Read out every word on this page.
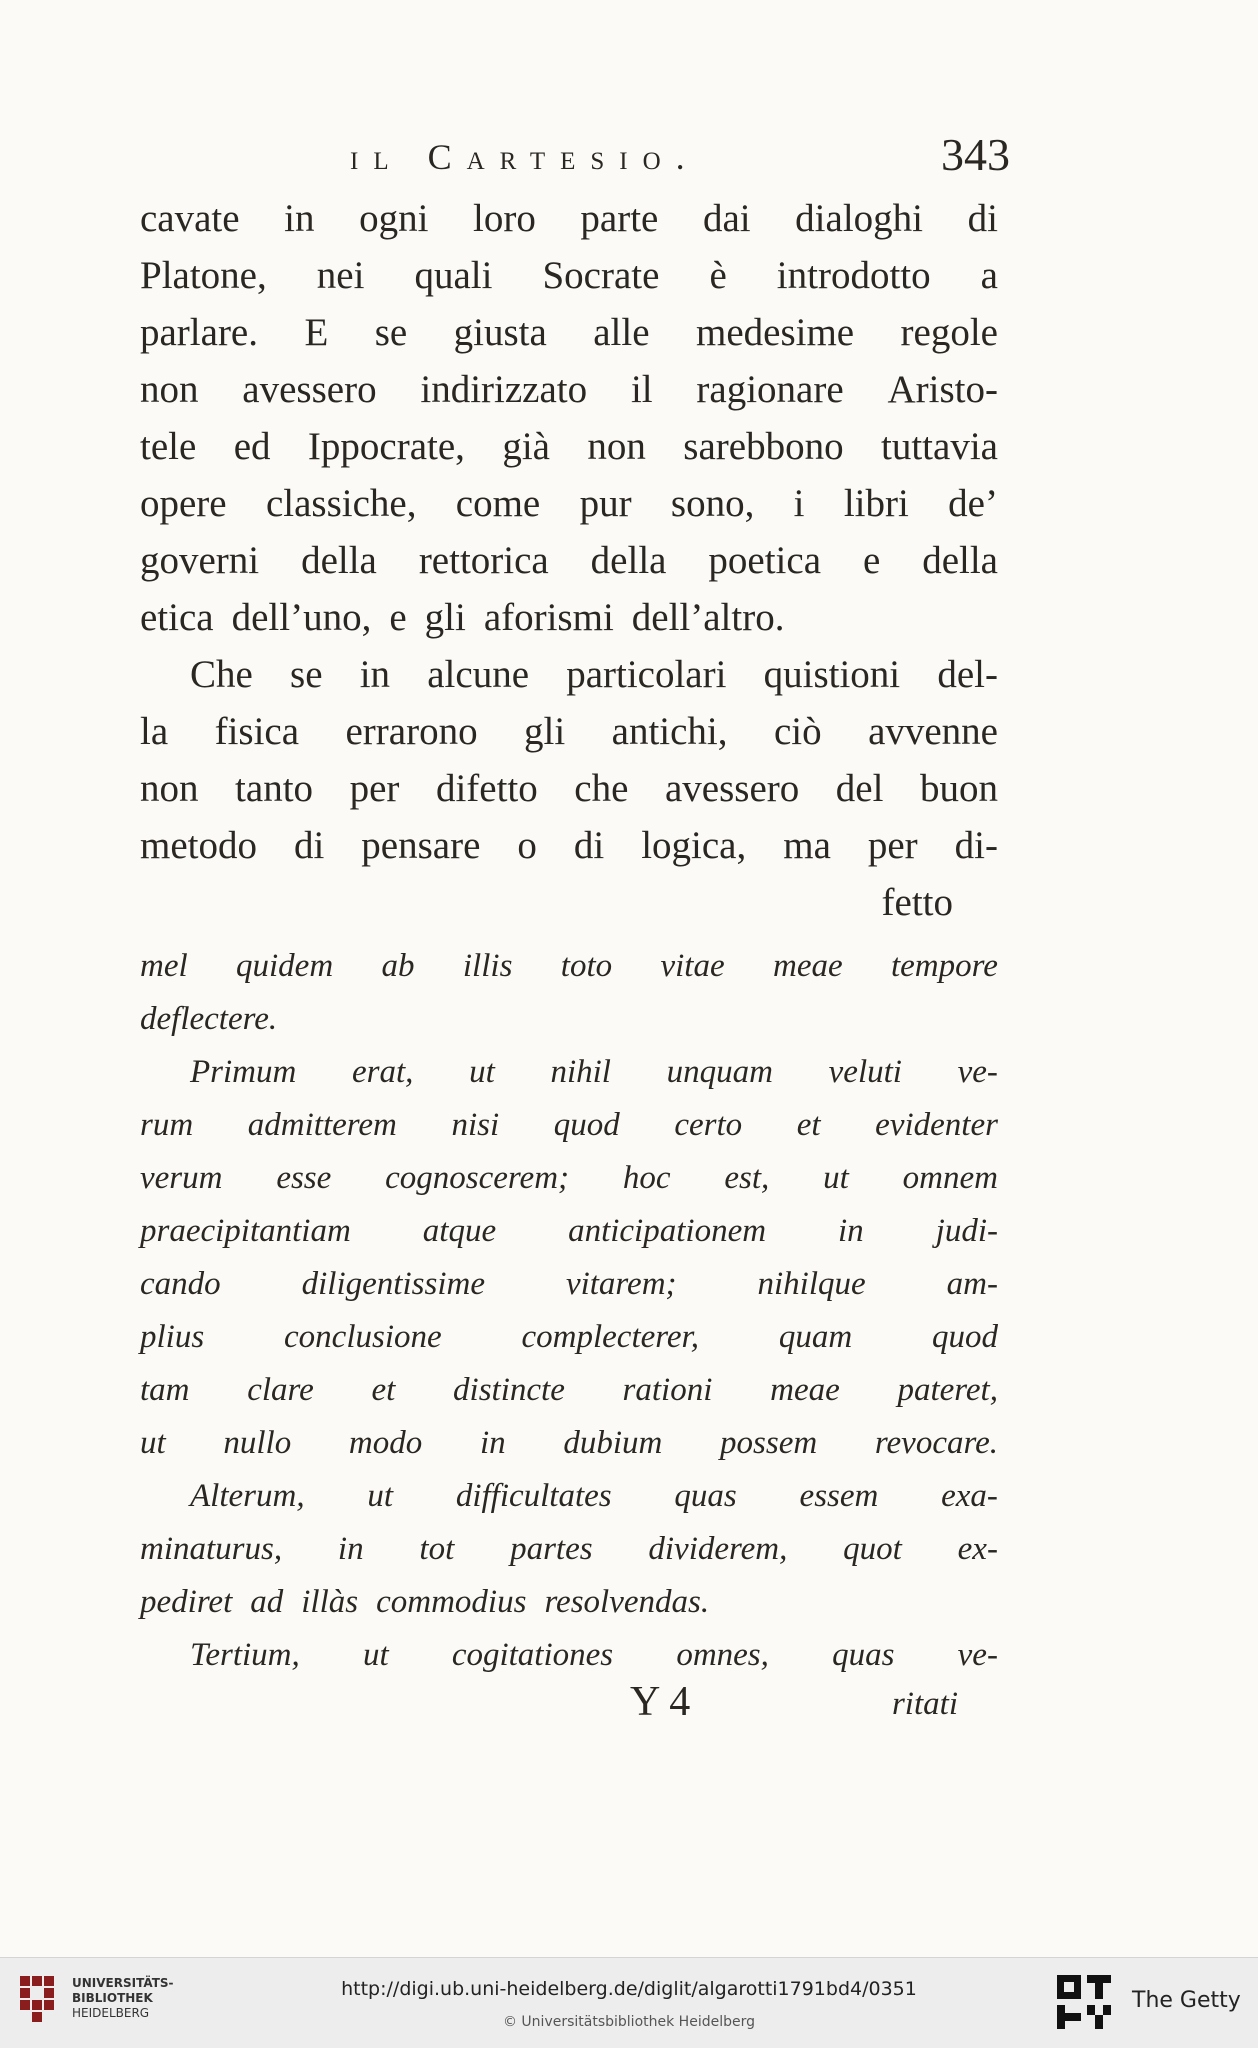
il Cartesio.	343
cavate in ogni loro parte dai dialoghi di
Platone, nei quali Socrate è introdotto a
parlare. E se giusta alle medesime regole
non avessero indirizzato il ragionare Aristo-
tele ed Ippocrate, già non sarebbono tuttavia
opere classiche, come pur sono, i libri de’
governi della rettorica della poetica e della
etica dell’uno, e gli aforismi dell’altro.
Che se in alcune particolari quistioni del-
la fisica errarono gli antichi, ciò avvenne
non tanto per difetto che avessero del buon
metodo di pensare o di logica, ma per di-
fetto
mel quidem ab illis toto vitae meae tempore
deflectere.
Primum erat, ut nihil unquam veluti ve-
rum admitterem nisi quod certo et evidenter
verum esse cognoscerem; hoc est, ut omnem
praecipitantiam atque anticipationem in judi-
cando diligentissime vitarem; nihilque am-
plius conclusione complecterer, quam quod
tam clare et distincte rationi meae pateret,
ut nullo modo in dubium possem revocare.
Alterum, ut difficultates quas essem exa-
minaturus, in tot partes dividerem, quot ex-
pediret ad illàs commodius resolvendas.
Tertium, ut cogitationes omnes, quas ve-
Y 4	ritati
UNIVERSITÄTS-
BIBLIOTHEK
HEIDELBERG
http://digi.ub.uni-heidelberg.de/diglit/algarotti1791bd4/0351
© Universitätsbibliothek Heidelberg
The Getty
